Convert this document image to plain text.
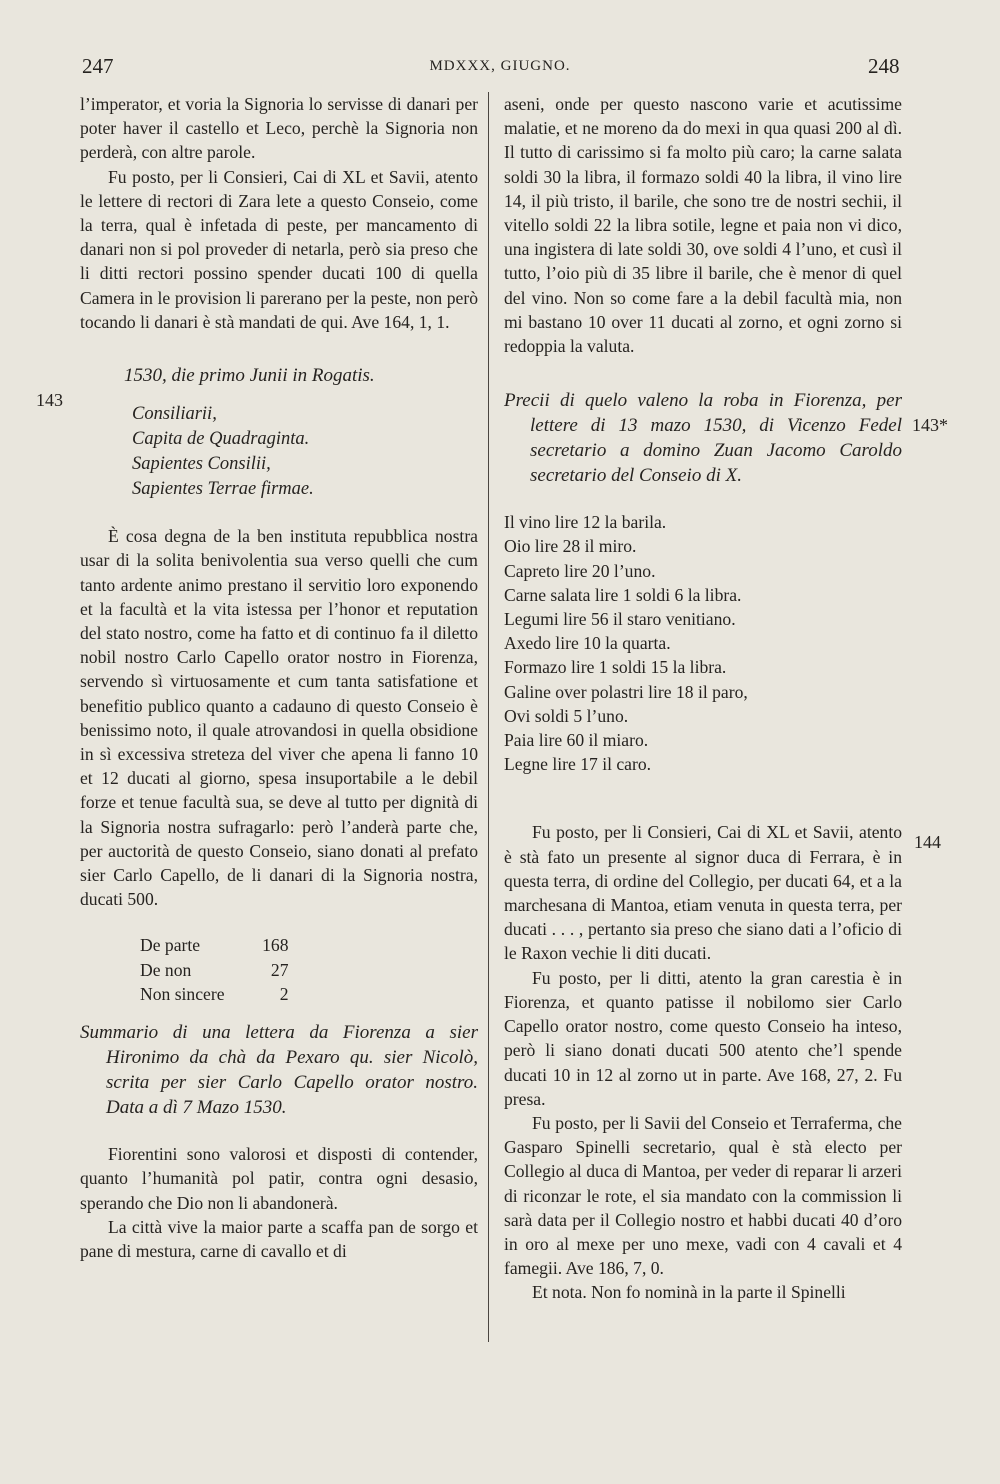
247	MDXXX, GIUGNO.	248
143
143*
144

l’imperator, et voria la Signoria lo servisse di danari per poter haver il castello et Leco, perchè la Signoria non perderà, con altre parole.

Fu posto, per li Consieri, Cai di XL et Savii, atento le lettere di rectori di Zara lete a questo Conseio, come la terra, qual è infetada di peste, per mancamento di danari non si pol proveder di netarla, però sia preso che li ditti rectori possino spender ducati 100 di quella Camera in le provision li parerano per la peste, non però tocando li danari è stà mandati de qui. Ave 164, 1, 1.

1530, die primo Junii in Rogatis.
Consiliarii,
Capita de Quadraginta.
Sapientes Consilii,
Sapientes Terrae firmae.

È cosa degna de la ben instituta repubblica nostra usar di la solita benivolentia sua verso quelli che cum tanto ardente animo prestano il servitio loro exponendo et la facultà et la vita istessa per l’honor et reputation del stato nostro, come ha fatto et di continuo fa il diletto nobil nostro Carlo Capello orator nostro in Fiorenza, servendo sì virtuosamente et cum tanta satisfatione et benefitio publico quanto a cadauno di questo Conseio è benissimo noto, il quale atrovandosi in quella obsidione in sì excessiva streteza del viver che apena li fanno 10 et 12 ducati al giorno, spesa insuportabile a le debil forze et tenue facultà sua, se deve al tutto per dignità di la Signoria nostra sufragarlo: però l’anderà parte che, per auctorità de questo Conseio, siano donati al prefato sier Carlo Capello, de li danari di la Signoria nostra, ducati 500.

De parte	168
De non	27
Non sincere	2

Summario di una lettera da Fiorenza a sier Hironimo da chà da Pexaro qu. sier Nicolò, scrita per sier Carlo Capello orator nostro. Data a dì 7 Mazo 1530.

Fiorentini sono valorosi et disposti di contender, quanto l’humanità pol patir, contra ogni desasio, sperando che Dio non li abandonerà.

La città vive la maior parte a scaffa pan de sorgo et pane di mestura, carne di cavallo et di

aseni, onde per questo nascono varie et acutissime malatie, et ne moreno da do mexi in qua quasi 200 al dì. Il tutto di carissimo si fa molto più caro; la carne salata soldi 30 la libra, il formazo soldi 40 la libra, il vino lire 14, il più tristo, il barile, che sono tre de nostri sechii, il vitello soldi 22 la libra sotile, legne et paia non vi dico, una ingistera di late soldi 30, ove soldi 4 l’uno, et cusì il tutto, l’oio più di 35 libre il barile, che è menor di quel del vino. Non so come fare a la debil facultà mia, non mi bastano 10 over 11 ducati al zorno, et ogni zorno si redoppia la valuta.

Precii di quelo valeno la roba in Fiorenza, per lettere di 13 mazo 1530, di Vicenzo Fedel secretario a domino Zuan Jacomo Caroldo secretario del Conseio di X.

Il vino lire 12 la barila.
Oio lire 28 il miro.
Capreto lire 20 l’uno.
Carne salata lire 1 soldi 6 la libra.
Legumi lire 56 il staro venitiano.
Axedo lire 10 la quarta.
Formazo lire 1 soldi 15 la libra.
Galine over polastri lire 18 il paro,
Ovi soldi 5 l’uno.
Paia lire 60 il miaro.
Legne lire 17 il caro.

Fu posto, per li Consieri, Cai di XL et Savii, atento è stà fato un presente al signor duca di Ferrara, è in questa terra, di ordine del Collegio, per ducati 64, et a la marchesana di Mantoa, etiam venuta in questa terra, per ducati . . . , pertanto sia preso che siano dati a l’oficio di le Raxon vechie li diti ducati.

Fu posto, per li ditti, atento la gran carestia è in Fiorenza, et quanto patisse il nobilomo sier Carlo Capello orator nostro, come questo Conseio ha inteso, però li siano donati ducati 500 atento che’l spende ducati 10 in 12 al zorno ut in parte. Ave 168, 27, 2. Fu presa.

Fu posto, per li Savii del Conseio et Terraferma, che Gasparo Spinelli secretario, qual è stà electo per Collegio al duca di Mantoa, per veder di reparar li arzeri di riconzar le rote, el sia mandato con la commission li sarà data per il Collegio nostro et habbi ducati 40 d’oro in oro al mexe per uno mexe, vadi con 4 cavali et 4 famegii. Ave 186, 7, 0.

Et nota. Non fo nominà in la parte il Spinelli
